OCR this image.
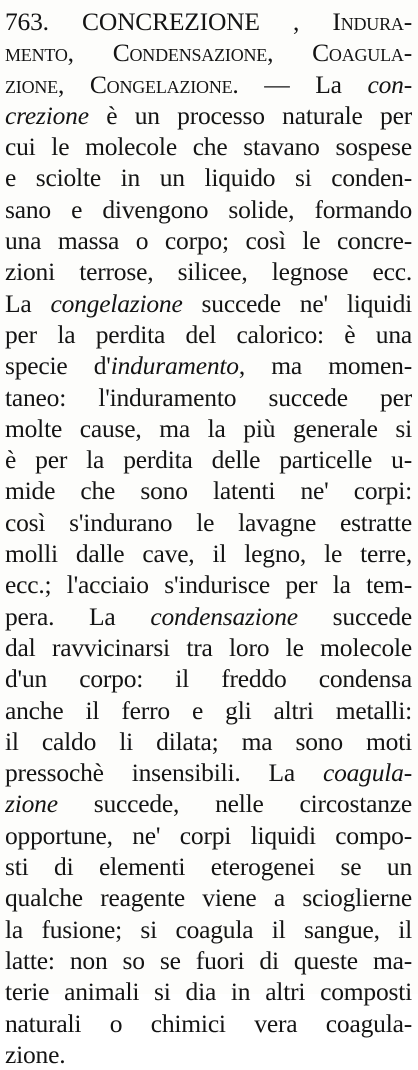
763. CONCREZIONE , Indura-
mento, Condensazione, Coagula-
zione, Congelazione. — La con-
crezione è un processo naturale per
cui le molecole che stavano sospese
e sciolte in un liquido si conden-
sano e divengono solide, formando
una massa o corpo; così le concre-
zioni terrose, silicee, legnose ecc.
La congelazione succede ne' liquidi
per la perdita del calorico: è una
specie d'induramento, ma momen-
taneo: l'induramento succede per
molte cause, ma la più generale si
è per la perdita delle particelle u-
mide che sono latenti ne' corpi:
così s'indurano le lavagne estratte
molli dalle cave, il legno, le terre,
ecc.; l'acciaio s'indurisce per la tem-
pera. La condensazione succede
dal ravvicinarsi tra loro le molecole
d'un corpo: il freddo condensa
anche il ferro e gli altri metalli:
il caldo li dilata; ma sono moti
pressochè insensibili. La coagula-
zione succede, nelle circostanze
opportune, ne' corpi liquidi compo-
sti di elementi eterogenei se un
qualche reagente viene a scioglierne
la fusione; si coagula il sangue, il
latte: non so se fuori di queste ma-
terie animali si dia in altri composti
naturali o chimici vera coagula-
zione.
